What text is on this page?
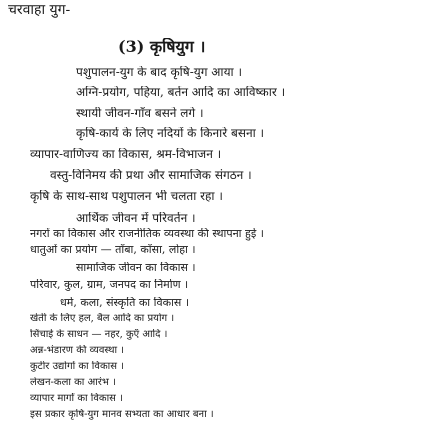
चरवाहा युग-
(3) कृषियुग ।
पशुपालन-युग के बाद कृषि-युग आया ।
अग्नि-प्रयोग, पहिया, बर्तन आदि का आविष्कार ।
स्थायी जीवन-गाँव बसने लगे ।
कृषि-कार्य के लिए नदियों के किनारे बसना ।
व्यापार-वाणिज्य का विकास, श्रम-विभाजन ।
वस्तु-विनिमय की प्रथा और सामाजिक संगठन ।
कृषि के साथ-साथ पशुपालन भी चलता रहा ।
आर्थिक जीवन में परिवर्तन ।
नगरों का विकास और राजनीतिक व्यवस्था की स्थापना हुई ।
धातुओं का प्रयोग — ताँबा, काँसा, लोहा ।
सामाजिक जीवन का विकास ।
परिवार, कुल, ग्राम, जनपद का निर्माण ।
धर्म, कला, संस्कृति का विकास ।
खेती के लिए हल, बैल आदि का प्रयोग ।
सिंचाई के साधन — नहर, कुएँ आदि ।
अन्न-भंडारण की व्यवस्था ।
कुटीर उद्योगों का विकास ।
लेखन-कला का आरंभ ।
व्यापार मार्गों का विकास ।
इस प्रकार कृषि-युग मानव सभ्यता का आधार बना ।
